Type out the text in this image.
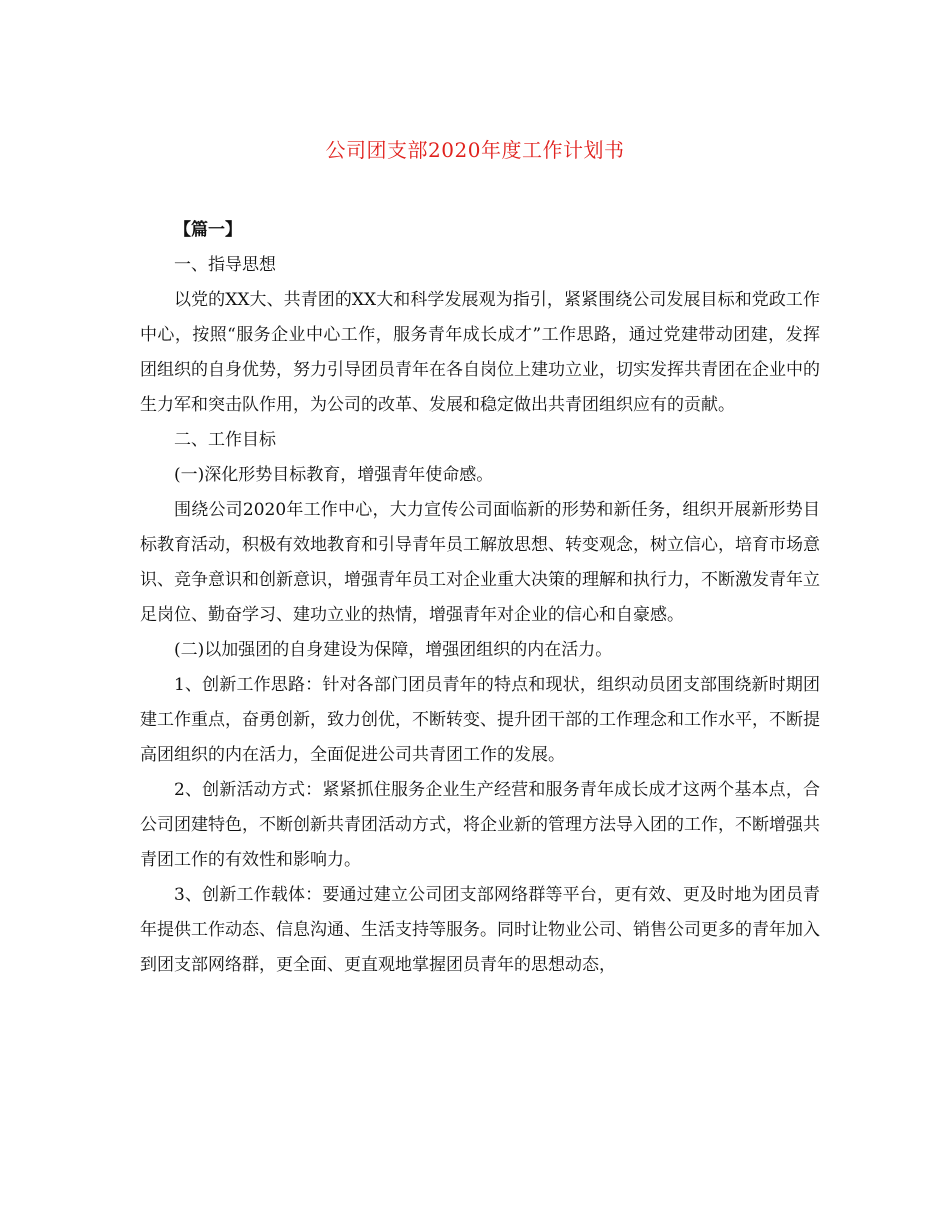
公司团支部2020年度工作计划书

【篇一】

一、指导思想

以党的XX大、共青团的XX大和科学发展观为指引，紧紧围绕公司发展目标和党政工作中心，按照“服务企业中心工作，服务青年成长成才”工作思路，通过党建带动团建，发挥团组织的自身优势，努力引导团员青年在各自岗位上建功立业，切实发挥共青团在企业中的生力军和突击队作用，为公司的改革、发展和稳定做出共青团组织应有的贡献。

二、工作目标

(一)深化形势目标教育，增强青年使命感。

围绕公司2020年工作中心，大力宣传公司面临新的形势和新任务，组织开展新形势目标教育活动，积极有效地教育和引导青年员工解放思想、转变观念，树立信心，培育市场意识、竞争意识和创新意识，增强青年员工对企业重大决策的理解和执行力，不断激发青年立足岗位、勤奋学习、建功立业的热情，增强青年对企业的信心和自豪感。

(二)以加强团的自身建设为保障，增强团组织的内在活力。

1、创新工作思路：针对各部门团员青年的特点和现状，组织动员团支部围绕新时期团建工作重点，奋勇创新，致力创优，不断转变、提升团干部的工作理念和工作水平，不断提高团组织的内在活力，全面促进公司共青团工作的发展。

2、创新活动方式：紧紧抓住服务企业生产经营和服务青年成长成才这两个基本点，合公司团建特色，不断创新共青团活动方式，将企业新的管理方法导入团的工作，不断增强共青团工作的有效性和影响力。

3、创新工作载体：要通过建立公司团支部网络群等平台，更有效、更及时地为团员青年提供工作动态、信息沟通、生活支持等服务。同时让物业公司、销售公司更多的青年加入到团支部网络群，更全面、更直观地掌握团员青年的思想动态，
